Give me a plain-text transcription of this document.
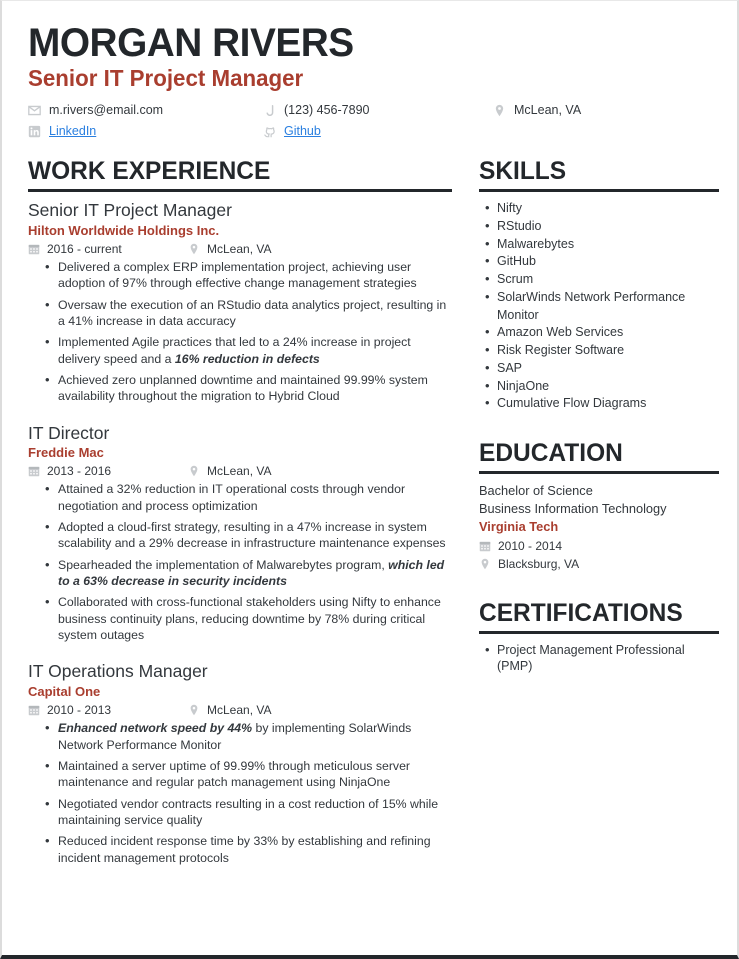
MORGAN RIVERS
Senior IT Project Manager
m.rivers@email.com	(123) 456-7890	McLean, VA
LinkedIn	Github
WORK EXPERIENCE
Senior IT Project Manager
Hilton Worldwide Holdings Inc.
2016 - current	McLean, VA
• Delivered a complex ERP implementation project, achieving user adoption of 97% through effective change management strategies
• Oversaw the execution of an RStudio data analytics project, resulting in a 41% increase in data accuracy
• Implemented Agile practices that led to a 24% increase in project delivery speed and a 16% reduction in defects
• Achieved zero unplanned downtime and maintained 99.99% system availability throughout the migration to Hybrid Cloud
IT Director
Freddie Mac
2013 - 2016	McLean, VA
• Attained a 32% reduction in IT operational costs through vendor negotiation and process optimization
• Adopted a cloud-first strategy, resulting in a 47% increase in system scalability and a 29% decrease in infrastructure maintenance expenses
• Spearheaded the implementation of Malwarebytes program, which led to a 63% decrease in security incidents
• Collaborated with cross-functional stakeholders using Nifty to enhance business continuity plans, reducing downtime by 78% during critical system outages
IT Operations Manager
Capital One
2010 - 2013	McLean, VA
• Enhanced network speed by 44% by implementing SolarWinds Network Performance Monitor
• Maintained a server uptime of 99.99% through meticulous server maintenance and regular patch management using NinjaOne
• Negotiated vendor contracts resulting in a cost reduction of 15% while maintaining service quality
• Reduced incident response time by 33% by establishing and refining incident management protocols
SKILLS
• Nifty
• RStudio
• Malwarebytes
• GitHub
• Scrum
• SolarWinds Network Performance Monitor
• Amazon Web Services
• Risk Register Software
• SAP
• NinjaOne
• Cumulative Flow Diagrams
EDUCATION
Bachelor of Science
Business Information Technology
Virginia Tech
2010 - 2014
Blacksburg, VA
CERTIFICATIONS
• Project Management Professional (PMP)
